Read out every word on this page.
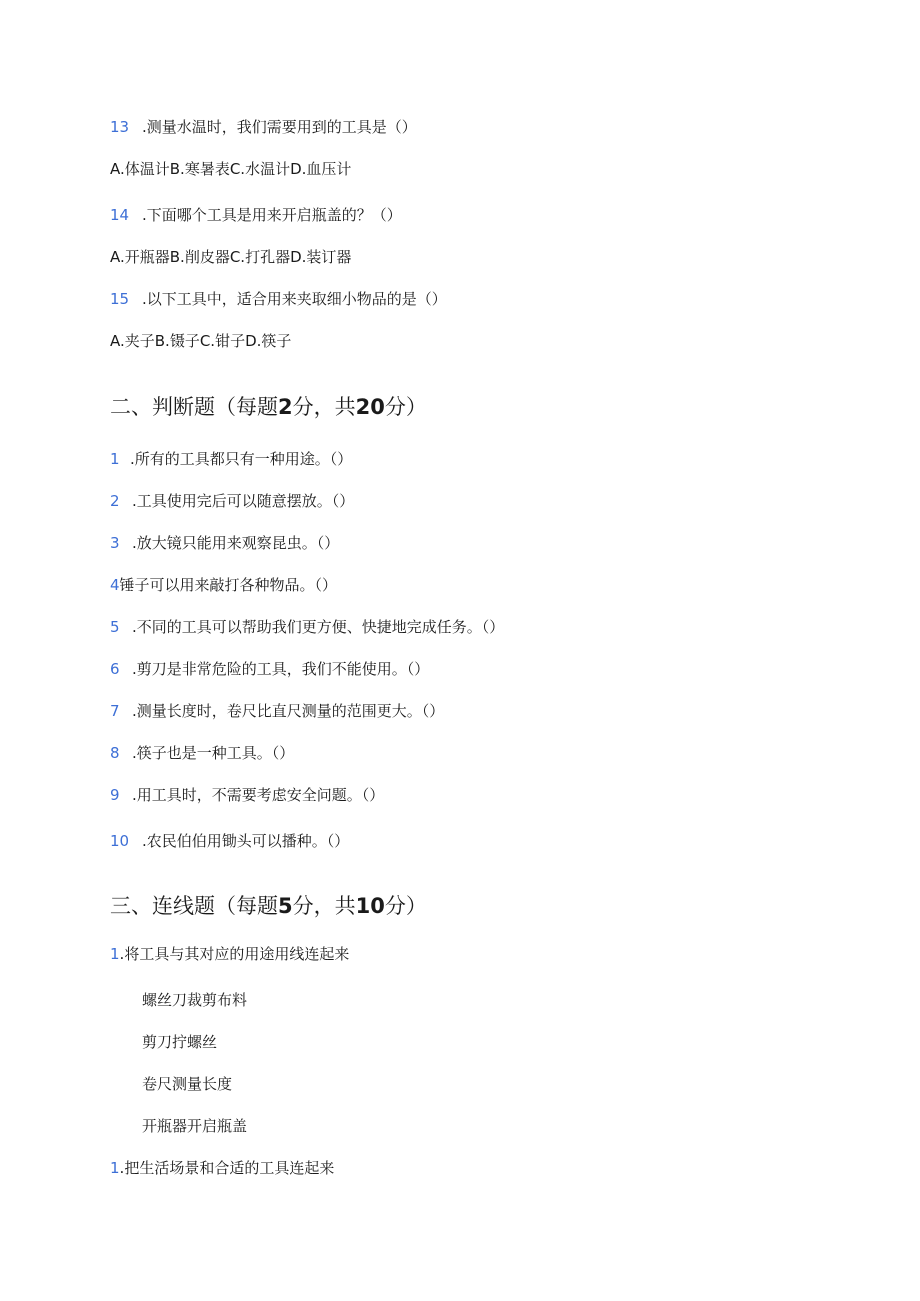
13 .测量水温时，我们需要用到的工具是（）
A.体温计B.寒暑表C.水温计D.血压计
14 .下面哪个工具是用来开启瓶盖的？（）
A.开瓶器B.削皮器C.打孔器D.装订器
15 .以下工具中，适合用来夹取细小物品的是（）
A.夹子B.镊子C.钳子D.筷子
二、判断题（每题2分，共20分）
1 .所有的工具都只有一种用途。（）
2 .工具使用完后可以随意摆放。（）
3 .放大镜只能用来观察昆虫。（）
4锤子可以用来敲打各种物品。（）
5 .不同的工具可以帮助我们更方便、快捷地完成任务。（）
6 .剪刀是非常危险的工具，我们不能使用。（）
7 .测量长度时，卷尺比直尺测量的范围更大。（）
8 .筷子也是一种工具。（）
9 .用工具时，不需要考虑安全问题。（）
10 .农民伯伯用锄头可以播种。（）
三、连线题（每题5分，共10分）
1.将工具与其对应的用途用线连起来
螺丝刀裁剪布料
剪刀拧螺丝
卷尺测量长度
开瓶器开启瓶盖
1.把生活场景和合适的工具连起来
